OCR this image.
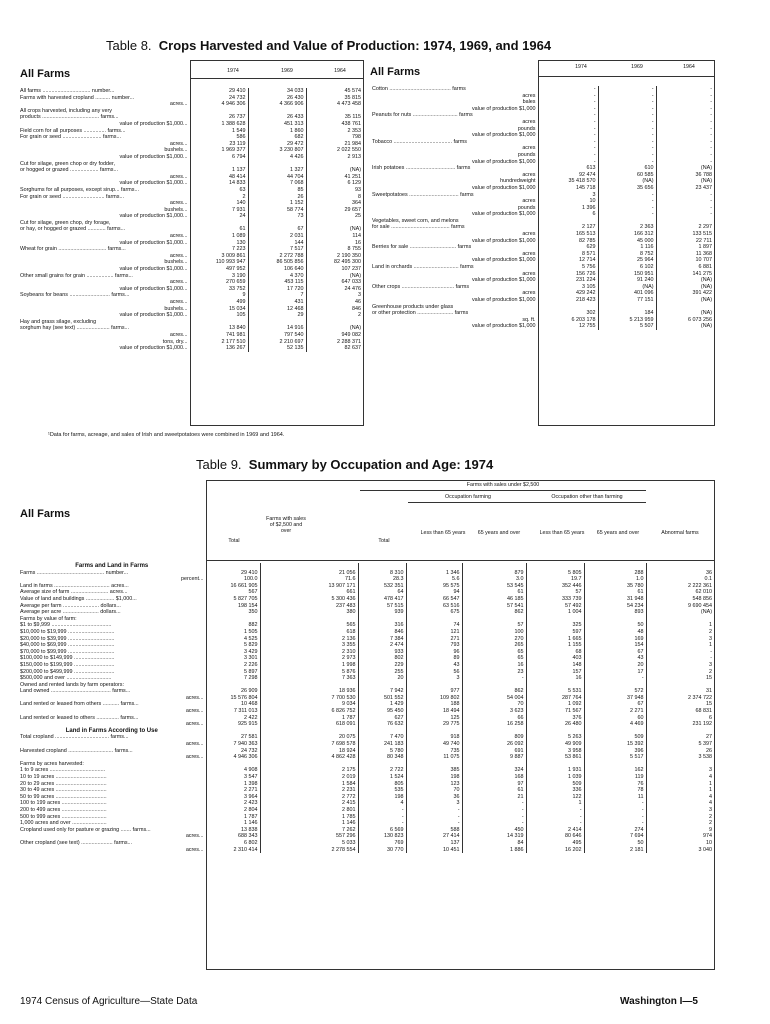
Table 8. Crops Harvested and Value of Production: 1974, 1969, and 1964
All Farms	All Farms
1974	1969	1964
1974	1969	1964
All farms ................................ number...	29 410	34 033	45 574
Farms with harvested cropland .......... number...	24 732	26 430	35 815
acres...	4 946 306	4 366 906	4 473 458

All crops harvested, including any very			
products ...................................... farms...	26 737	26 433	35 115
value of production $1,000...	1 388 628	451 313	438 761
Field corn for all purposes ............... farms...	1 549	1 860	2 353
For grain or seed .......................... farms...	586	682	798
acres...	23 119	29 472	21 984
bushels...	1 969 377	3 230 807	2 022 550
value of production $1,000...	6 794	4 426	2 913
Cut for silage, green chop or dry fodder,			
or hogged or grazed ................... farms...	1 137	1 327	(NA)
acres...	48 414	44 704	41 251
value of production $1,000...	14 833	7 068	6 129

Sorghums for all purposes, except sirup... farms...	63	85	93
For grain or seed ............................ farms...	2	26	8
acres...	140	1 152	364
bushels...	7 931	58 774	29 657
value of production $1,000...	24	73	25
Cut for silage, green chop, dry forage,			
or hay, or hogged or grazed ............ farms...	61	67	(NA)
acres...	1 089	2 031	114
value of production $1,000...	130	144	16

Wheat for grain ................................ farms...	7 223	7 517	8 755
acres...	3 009 861	2 272 788	2 190 350
bushels...	110 993 947	86 505 856	82 495 300
value of production $1,000...	497 952	106 640	107 237
Other small grains for grain .................. farms...	3 190	4 370	(NA)
acres...	270 659	453 115	647 033
value of production $1,000...	33 752	17 720	24 476

Soybeans for beans ........................... farms...	9	7	3
acres...	499	431	46
bushels...	15 034	12 468	846
value of production $1,000...	105	29	2
Hay and grass silage, excluding			
sorghum hay (see text) ...................... farms...	13 840	14 916	(NA)
acres...	741 981	797 540	949 082
tons, dry...	2 177 510	2 210 697	2 288 371
value of production $1,000...	136 267	52 135	82 637
Cotton ......................................... farms	-	-	-
acres	-	-	-
bales	-	-	-
value of production $1,000	-	-	-
Peanuts for nuts .............................. farms	-	-	-
acres	-	-	-
pounds	-	-	-
value of production $1,000	-	-	-

Tobacco ....................................... farms	-	-	-
acres	-	-	-
pounds	-	-	-
value of production $1,000	-	-	-

Irish potatoes ................................. farms	613	610	(NA)
acres	92 474	60 585	36 788
hundredweight	35 418 570	(NA)	(NA)
value of production $1,000	145 718	35 656	23 437
Sweetpotatoes ................................. farms	3	-	-
acres	10	-	-
pounds	1 396	-	-
value of production $1,000	6	-	-

Vegetables, sweet corn, and melons			
for sale ....................................... farms	2 127	2 363	2 297
acres	165 513	166 312	133 515
value of production $1,000	82 785	45 000	22 711

Berries for sale ............................... farms	629	1 116	1 897
acres	8 571	8 752	11 368
value of production $1,000	12 714	25 964	10 707
Land in orchards .............................. farms	5 756	6 102	6 881
acres	156 726	150 951	141 275
value of production $1,000	231 224	91 240	(NA)

Other crops ................................... farms	3 105	(NA)	(NA)
acres	429 242	401 096	391 422
value of production $1,000	218 423	77 151	(NA)
Greenhouse products under glass			
or other protection ........................ farms	302	184	(NA)
sq. ft.	6 203 178	5 213 959	6 073 256
value of production $1,000	12 755	5 507	(NA)
¹Data for farms, acreage, and sales of Irish and sweetpotatoes were combined in 1969 and 1964.
Table 9. Summary by Occupation and Age: 1974
All Farms
Farms with sales under $2,500
Occupation farming	Occupation other than farming
Total
Farms with sales of $2,500 and over
Total
Less than 65 years	65 years and over	Less than 65 years	65 years and over	Abnormal farms
Farms and Land in Farms								
Farms ............................................. number...	29 410	21 056	8 310	1 346	879	5 805	288	36
percent...	100.0	71.6	28.3	5.6	3.0	19.7	1.0	0.1
Land in farms ..................................... acres...	16 661 905	13 907 171	532 351	95 575	53 545	352 446	35 780	2 222 361
Average size of farm ......................... acres...	567	661	64	94	61	57	61	62 010

Value of land and buildings ................... $1,000...	5 827 705	5 300 436	478 417	66 547	46 185	333 739	31 948	548 856
Average per farm ........................ dollars...	198 154	237 483	57 515	63 516	57 541	57 492	54 234	9 690 454
Average per acre ........................ dollars...	350	380	939	675	862	1 004	893	(NA)
Farms by value of farm:								
$1 to $9,999 ........................................	882	565	316	74	57	325	50	1
$10,000 to $19,999 ...............................	1 505	618	846	121	100	597	48	2
$20,000 to $39,999 ...............................	4 525	2 136	7 384	271	270	1 665	169	3
$40,000 to $69,999 ...............................	5 829	3 355	2 474	793	265	1 155	154	1
$70,000 to $99,999 ...............................	3 429	2 310	933	96	65	68	67	-
$100,000 to $149,999 ...........................	3 301	2 973	802	89	65	403	43	-
$150,000 to $199,999 ...........................	2 226	1 998	229	43	16	148	20	3
$200,000 to $499,999 ...........................	5 897	5 876	255	56	23	157	17	2
$500,000 and over ..............................	7 298	7 363	20	3	-	16	-	15

Owned and rented lands by farm operators:								
Land owned ........................................ farms...	26 909	18 936	7 942	977	862	5 531	572	31
acres...	15 576 804	7 700 530	501 552	109 802	54 004	287 764	37 948	2 374 722
Land rented or leased from others ........... farms...	10 468	9 034	1 429	188	70	1 092	67	15
acres...	7 311 013	6 826 752	95 450	18 494	3 623	71 567	2 271	68 831
Land rented or leased to others ............... farms...	2 422	1 787	627	125	66	376	60	6
acres...	925 915	618 091	76 632	29 775	16 258	26 480	4 469	231 192

Land in Farms According to Use								
Total cropland .................................... farms...	27 581	20 075	7 470	918	809	5 263	509	27
acres...	7 940 363	7 698 578	241 183	49 740	26 092	49 909	15 392	5 397

Harvested cropland .............................. farms...	24 732	18 924	5 780	735	691	3 958	396	26
acres...	4 946 306	4 862 428	80 348	11 075	9 887	53 861	5 517	3 538
Farms by acres harvested:								
1 to 9 acres .....................................	4 908	2 175	2 722	385	324	1 931	162	3
10 to 19 acres ..................................	3 547	2 019	1 524	198	168	1 039	119	4
20 to 29 acres ..................................	1 398	1 584	805	123	97	509	76	1
30 to 49 acres ..................................	2 271	2 231	535	70	61	336	78	1
50 to 99 acres ..................................	3 964	2 772	198	36	21	122	11	4
100 to 199 acres ..............................	2 423	2 415	4	3	-	1	-	4
200 to 499 acres ..............................	2 804	2 801	-	-	-	-	-	3
500 to 999 acres ..............................	1 787	1 785	-	-	-	-	-	2
1,000 acres and over .......................	1 146	1 146	-	-	-	-	-	2

Cropland used only for pasture or grazing ....... farms...	13 838	7 262	6 569	588	450	2 414	274	9
acres...	688 343	557 296	130 823	27 414	14 319	80 646	7 694	974
Other cropland (see text) ..................... farms...	6 802	5 033	769	137	84	495	50	10
acres...	2 310 414	2 278 554	30 770	10 451	1 886	16 202	2 181	3 040
1974 Census of Agriculture—State Data	Washington I—5
